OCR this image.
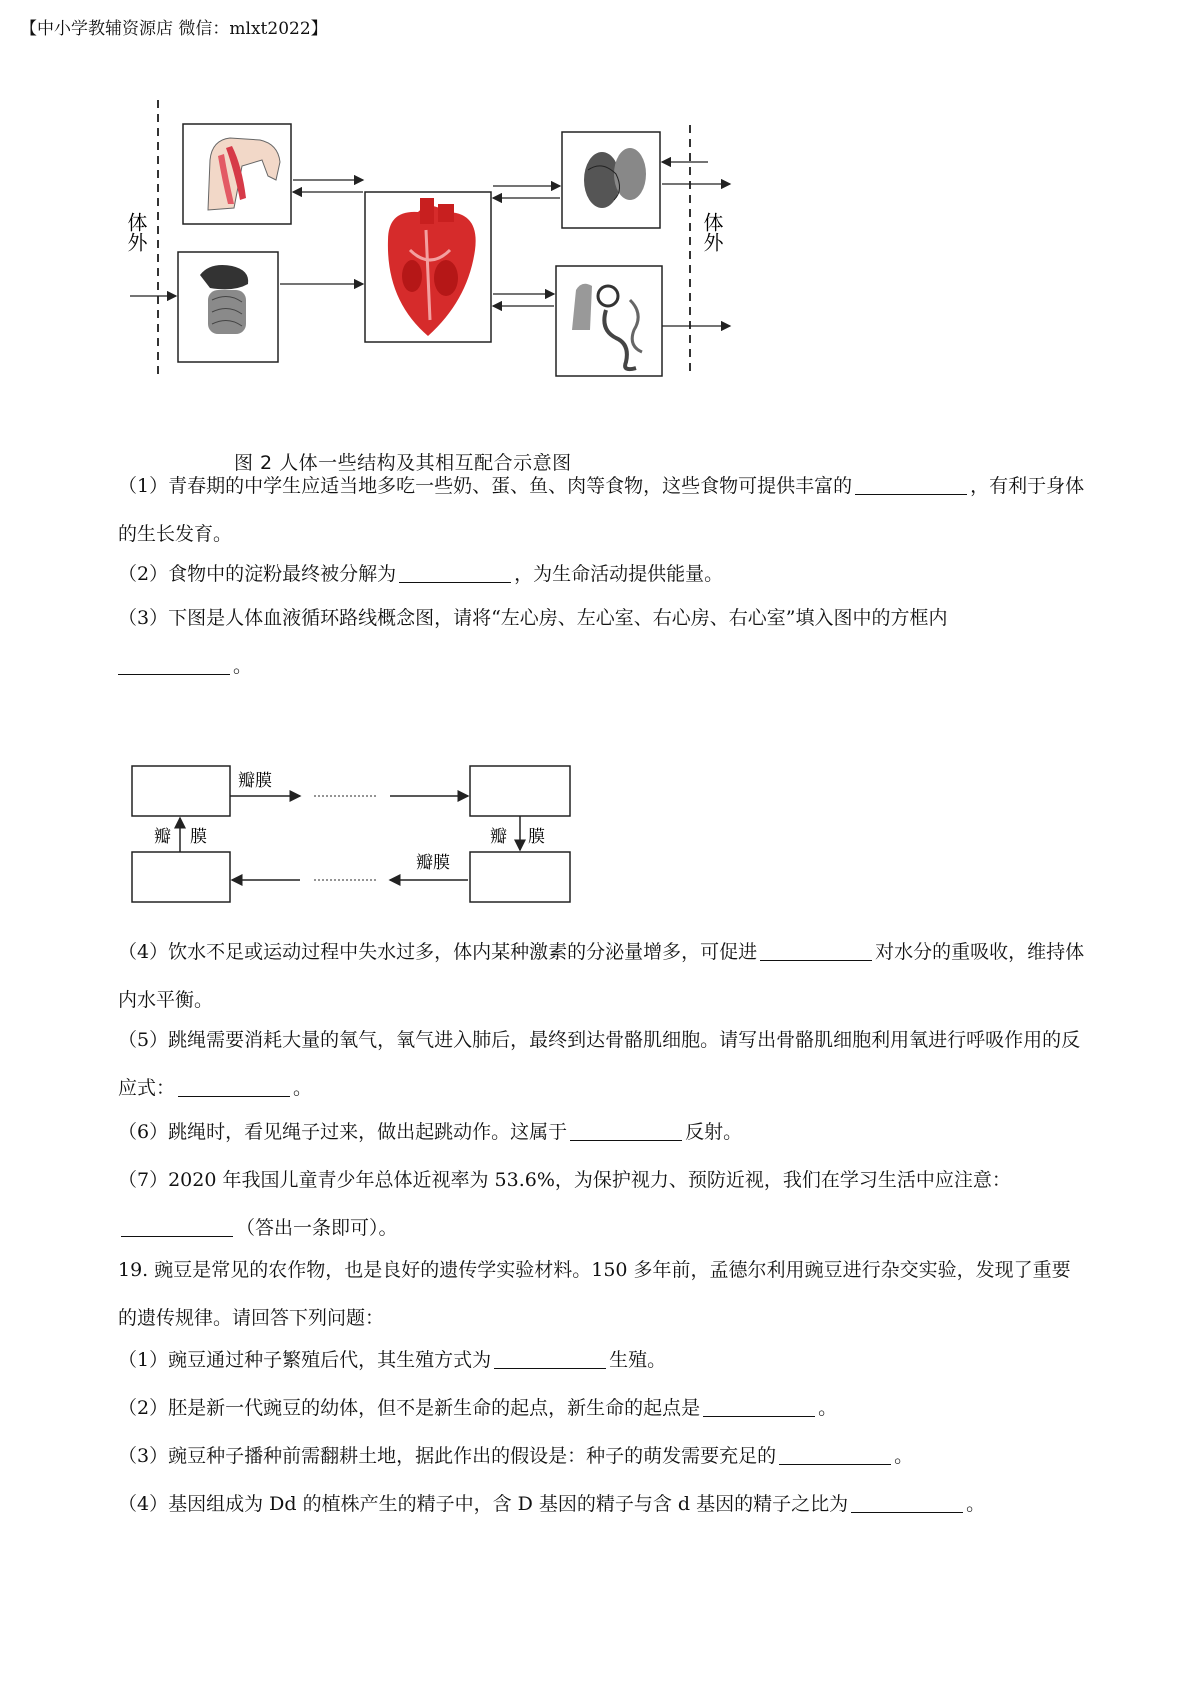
【中小学教辅资源店 微信：mlxt2022】
体外	体外
图 2 人体一些结构及其相互配合示意图
（1）青春期的中学生应适当地多吃一些奶、蛋、鱼、肉等食物，这些食物可提供丰富的	，有利于身体的生长发育。
（2）食物中的淀粉最终被分解为	，为生命活动提供能量。
（3）下图是人体血液循环路线概念图，请将“左心房、左心室、右心房、右心室”填入图中的方框内
。
瓣膜
瓣 膜	瓣 膜
瓣膜
（4）饮水不足或运动过程中失水过多，体内某种激素的分泌量增多，可促进	对水分的重吸收，维持体内水平衡。
（5）跳绳需要消耗大量的氧气，氧气进入肺后，最终到达骨骼肌细胞。请写出骨骼肌细胞利用氧进行呼吸作用的反应式：	。
（6）跳绳时，看见绳子过来，做出起跳动作。这属于	反射。
（7）2020 年我国儿童青少年总体近视率为 53.6%，为保护视力、预防近视，我们在学习生活中应注意：（答出一条即可）。
19. 豌豆是常见的农作物，也是良好的遗传学实验材料。150 多年前，孟德尔利用豌豆进行杂交实验，发现了重要的遗传规律。请回答下列问题：
（1）豌豆通过种子繁殖后代，其生殖方式为	生殖。
（2）胚是新一代豌豆的幼体，但不是新生命的起点，新生命的起点是	。
（3）豌豆种子播种前需翻耕土地，据此作出的假设是：种子的萌发需要充足的	。
（4）基因组成为 Dd 的植株产生的精子中，含 D 基因的精子与含 d 基因的精子之比为	。
